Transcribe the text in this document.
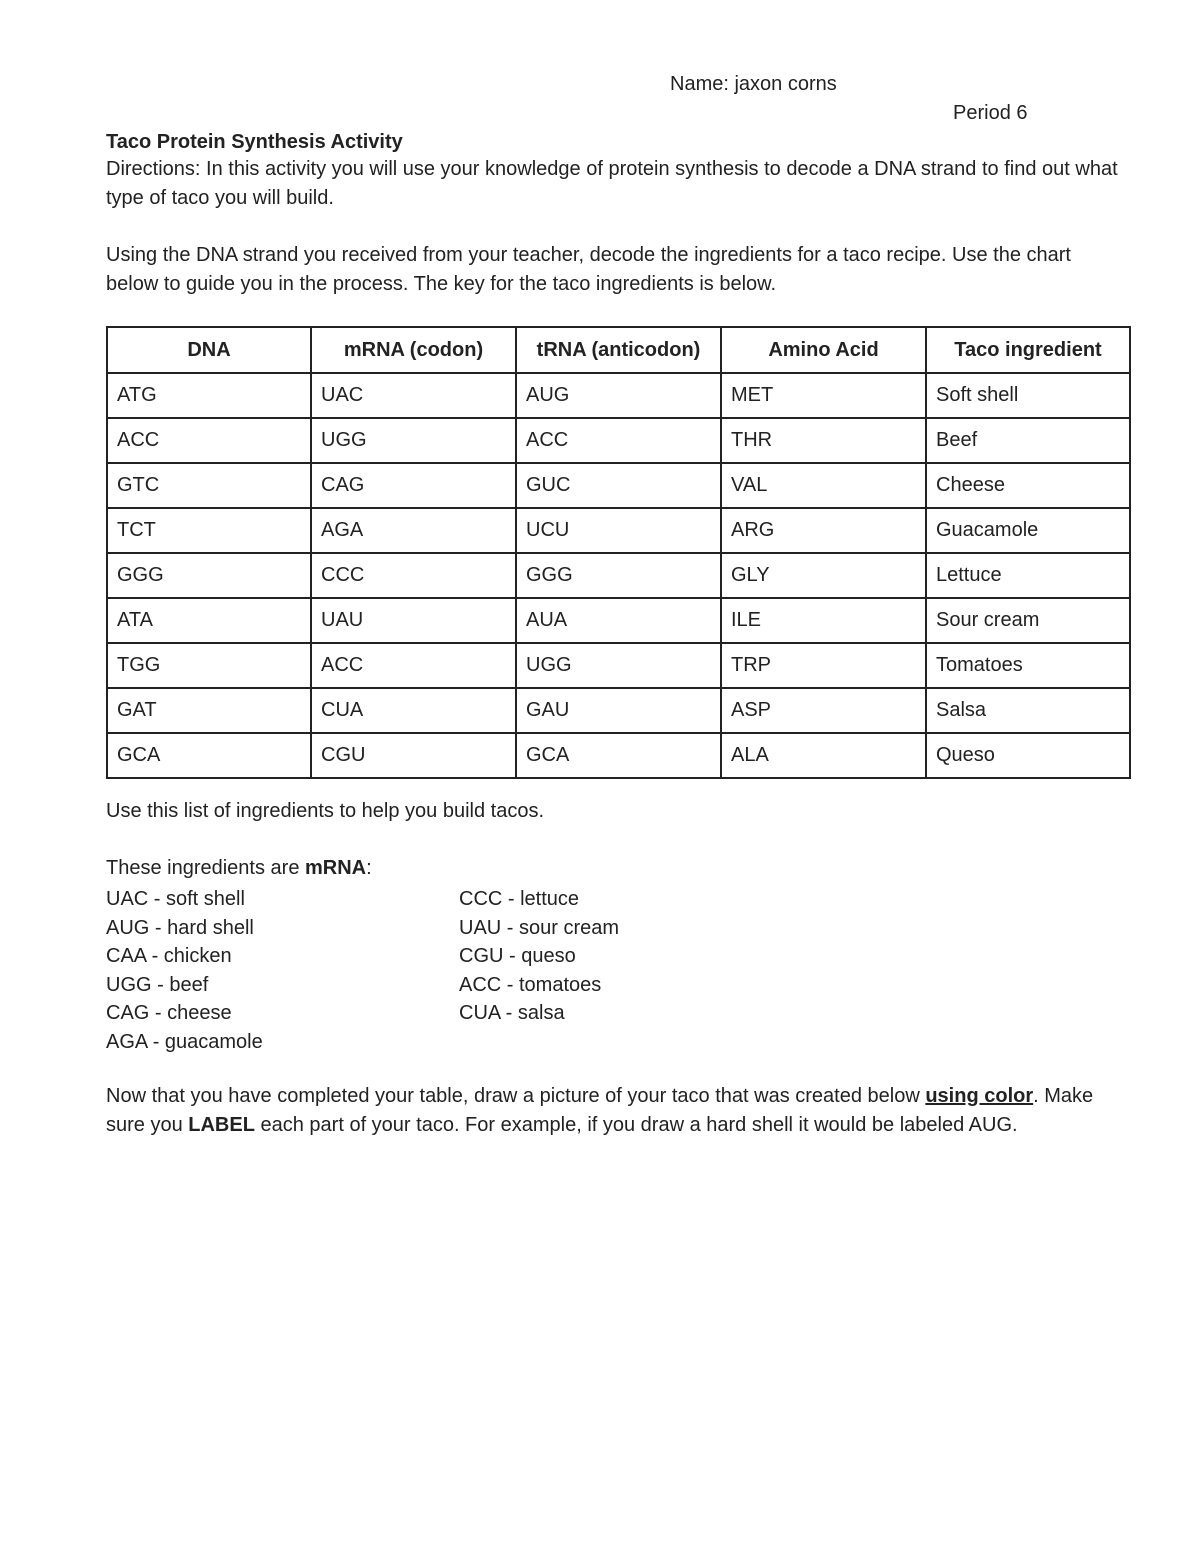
Name: jaxon corns
Period 6
Taco Protein Synthesis Activity

Directions: In this activity you will use your knowledge of protein synthesis to decode a DNA strand to find out what type of taco you will build.

Using the DNA strand you received from your teacher, decode the ingredients for a taco recipe. Use the chart below to guide you in the process. The key for the taco ingredients is below.

DNA	mRNA (codon)	tRNA (anticodon)	Amino Acid	Taco ingredient
ATG	UAC	AUG	MET	Soft shell
ACC	UGG	ACC	THR	Beef
GTC	CAG	GUC	VAL	Cheese
TCT	AGA	UCU	ARG	Guacamole
GGG	CCC	GGG	GLY	Lettuce
ATA	UAU	AUA	ILE	Sour cream
TGG	ACC	UGG	TRP	Tomatoes
GAT	CUA	GAU	ASP	Salsa
GCA	CGU	GCA	ALA	Queso
Use this list of ingredients to help you build tacos.
These ingredients are mRNA:
UAC - soft shell
AUG - hard shell
CAA - chicken
UGG - beef
CAG - cheese
AGA - guacamole
CCC - lettuce
UAU - sour cream
CGU - queso
ACC - tomatoes
CUA - salsa

Now that you have completed your table, draw a picture of your taco that was created below using color. Make sure you LABEL each part of your taco. For example, if you draw a hard shell it would be labeled AUG.
